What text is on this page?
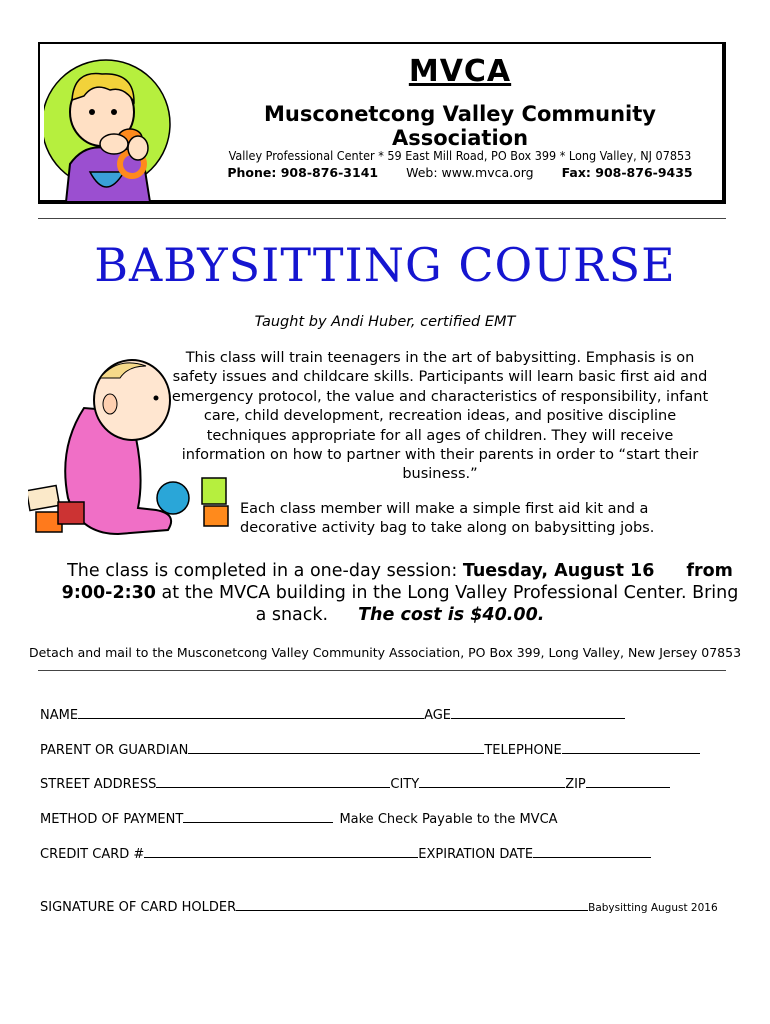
MVCA
Musconetcong Valley Community Association
Valley Professional Center * 59 East Mill Road, PO Box 399 * Long Valley, NJ 07853
Phone: 908-876-3141 Web: www.mvca.org Fax: 908-876-9435
BABYSITTING COURSE
Taught by Andi Huber, certified EMT
This class will train teenagers in the art of babysitting. Emphasis is on safety issues and childcare skills. Participants will learn basic first aid and emergency protocol, the value and characteristics of responsibility, infant care, child development, recreation ideas, and positive discipline techniques appropriate for all ages of children. They will receive information on how to partner with their parents in order to “start their business.”
Each class member will make a simple first aid kit and a decorative activity bag to take along on babysitting jobs.
The class is completed in a one-day session: Tuesday, August 16 from 9:00-2:30 at the MVCA building in the Long Valley Professional Center. Bring a snack. The cost is $40.00.
Detach and mail to the Musconetcong Valley Community Association, PO Box 399, Long Valley, New Jersey 07853
NAME	AGE
PARENT OR GUARDIAN	TELEPHONE
STREET ADDRESS	CITY	ZIP
METHOD OF PAYMENT	Make Check Payable to the MVCA
CREDIT CARD #	EXPIRATION DATE
SIGNATURE OF CARD HOLDER	Babysitting August 2016
